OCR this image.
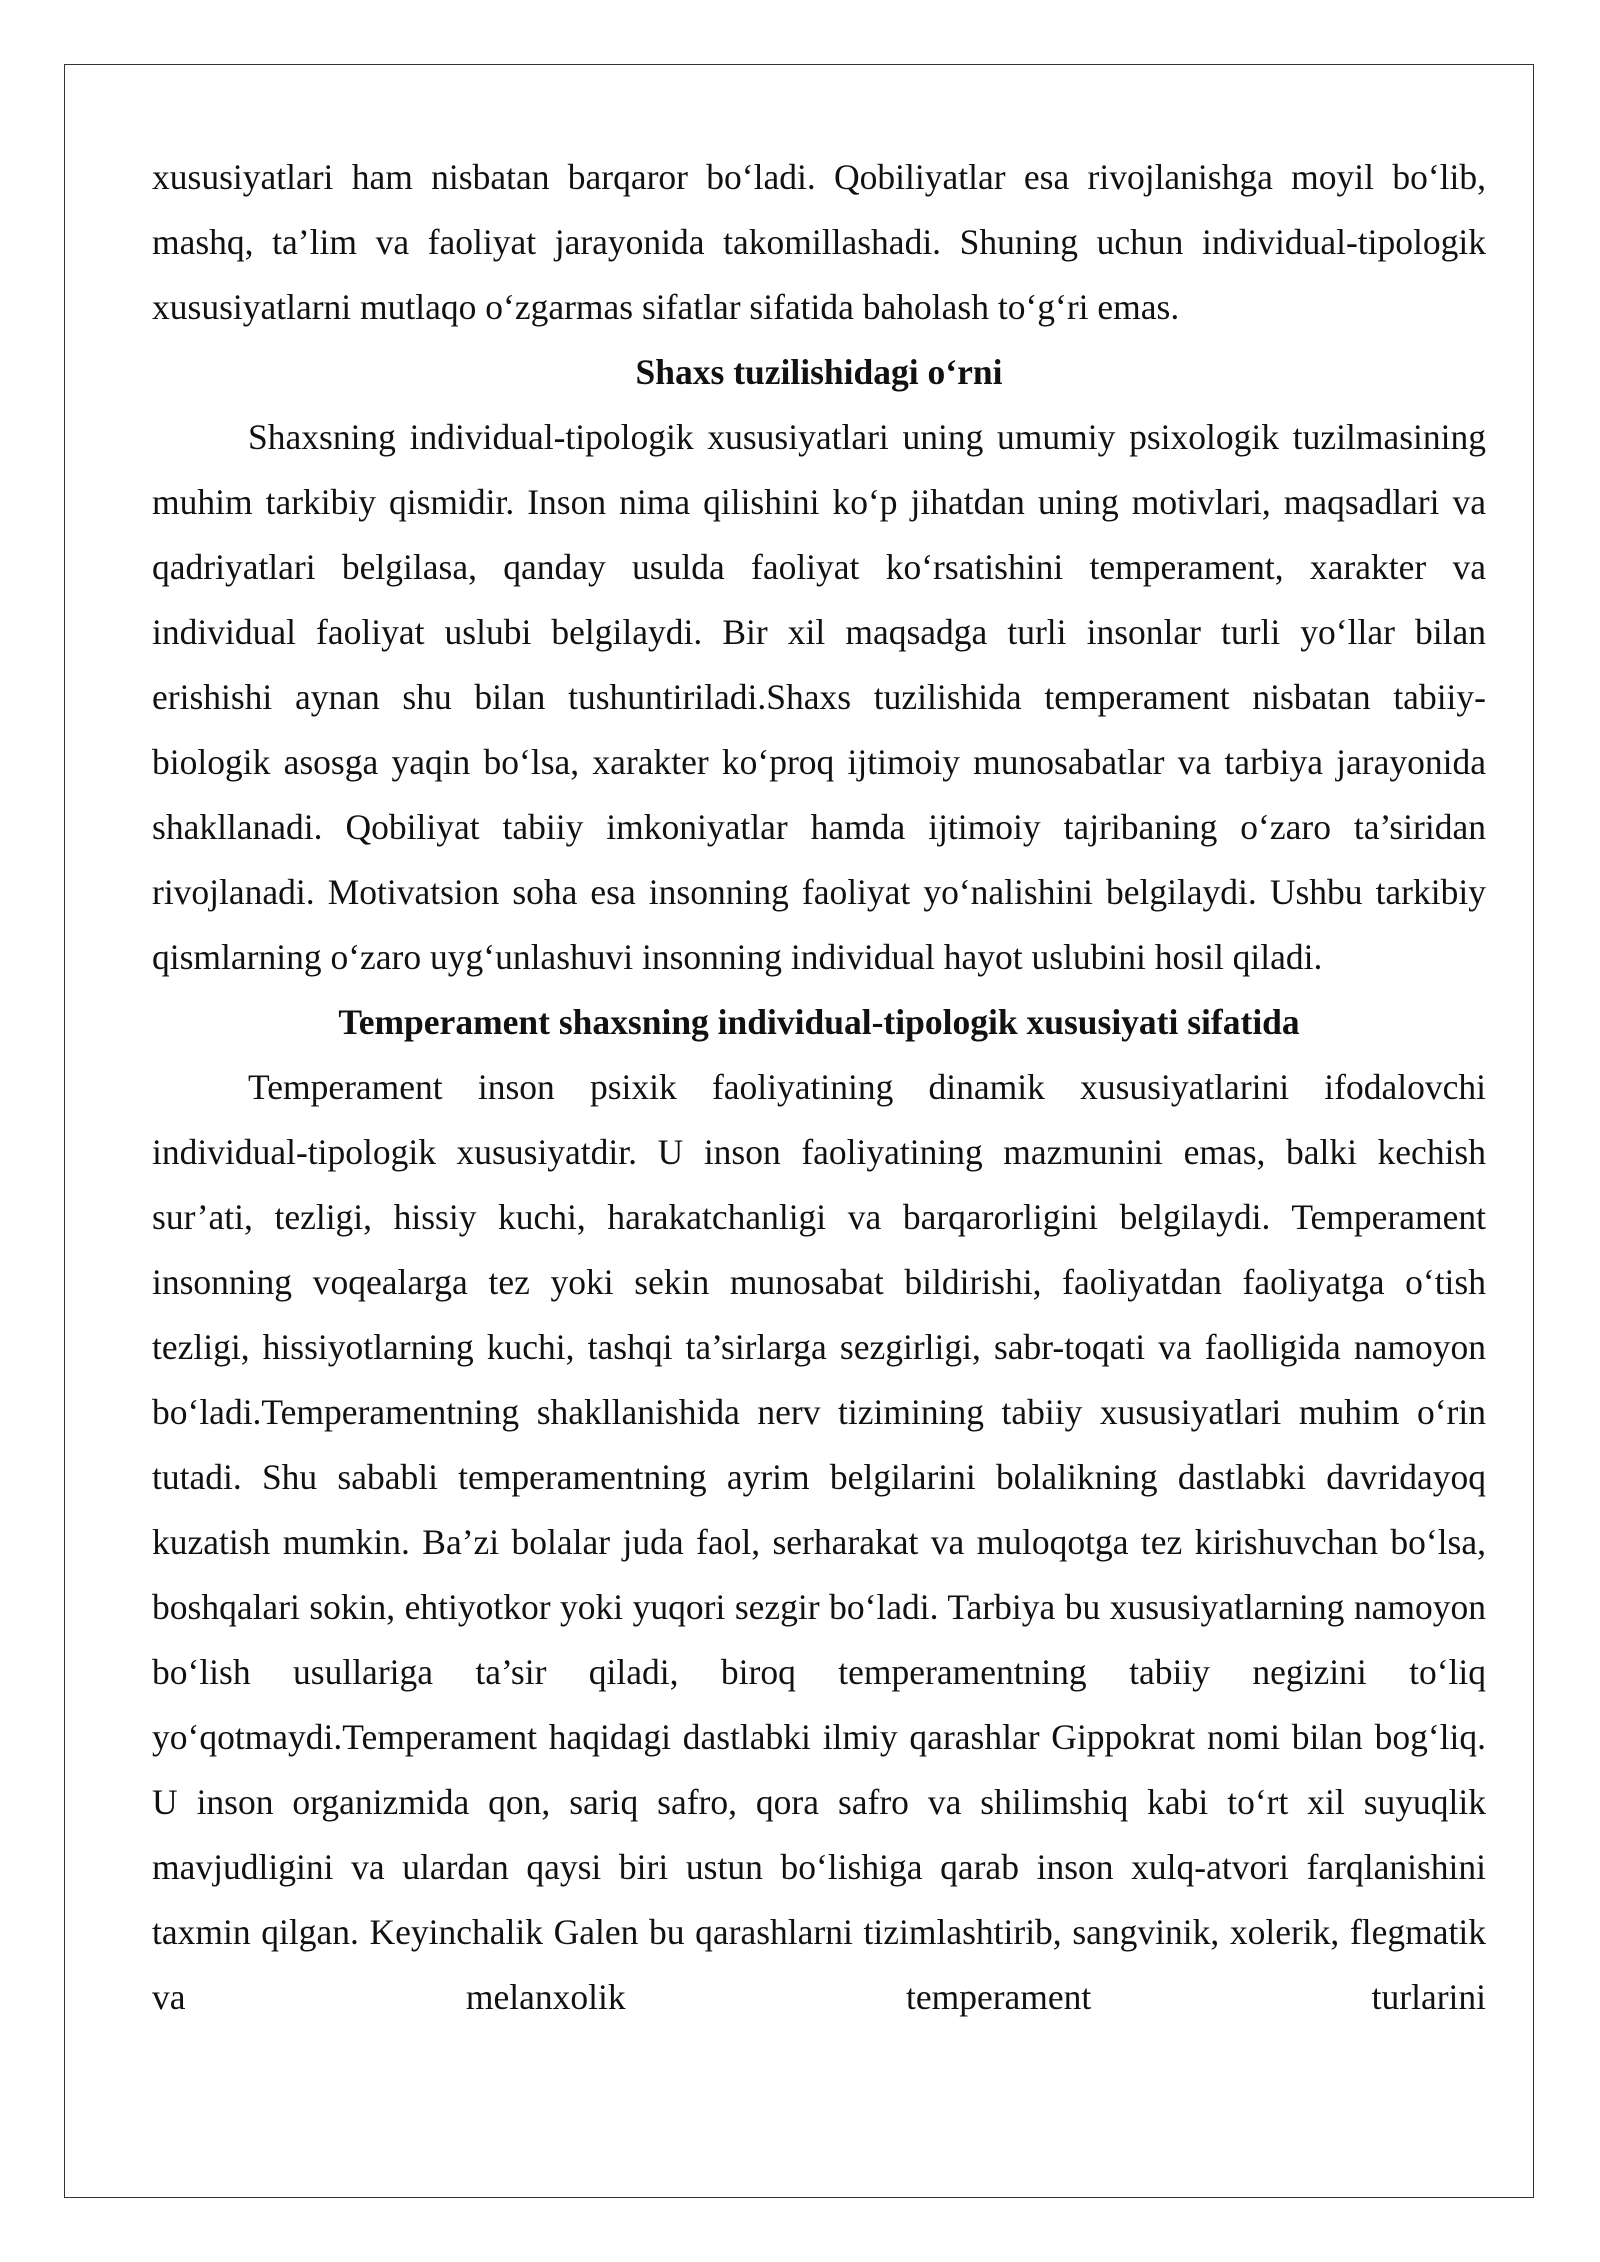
xususiyatlari ham nisbatan barqaror bo‘ladi. Qobiliyatlar esa rivojlanishga moyil bo‘lib, mashq, ta’lim va faoliyat jarayonida takomillashadi. Shuning uchun individual-tipologik xususiyatlarni mutlaqo o‘zgarmas sifatlar sifatida baholash to‘g‘ri emas.

Shaxs tuzilishidagi o‘rni

Shaxsning individual-tipologik xususiyatlari uning umumiy psixologik tuzilmasining muhim tarkibiy qismidir. Inson nima qilishini ko‘p jihatdan uning motivlari, maqsadlari va qadriyatlari belgilasa, qanday usulda faoliyat ko‘rsatishini temperament, xarakter va individual faoliyat uslubi belgilaydi. Bir xil maqsadga turli insonlar turli yo‘llar bilan erishishi aynan shu bilan tushuntiriladi.Shaxs tuzilishida temperament nisbatan tabiiy-biologik asosga yaqin bo‘lsa, xarakter ko‘proq ijtimoiy munosabatlar va tarbiya jarayonida shakllanadi. Qobiliyat tabiiy imkoniyatlar hamda ijtimoiy tajribaning o‘zaro ta’siridan rivojlanadi. Motivatsion soha esa insonning faoliyat yo‘nalishini belgilaydi. Ushbu tarkibiy qismlarning o‘zaro uyg‘unlashuvi insonning individual hayot uslubini hosil qiladi.

Temperament shaxsning individual-tipologik xususiyati sifatida

Temperament inson psixik faoliyatining dinamik xususiyatlarini ifodalovchi individual-tipologik xususiyatdir. U inson faoliyatining mazmunini emas, balki kechish sur’ati, tezligi, hissiy kuchi, harakatchanligi va barqarorligini belgilaydi. Temperament insonning voqealarga tez yoki sekin munosabat bildirishi, faoliyatdan faoliyatga o‘tish tezligi, hissiyotlarning kuchi, tashqi ta’sirlarga sezgirligi, sabr-toqati va faolligida namoyon bo‘ladi.Temperamentning shakllanishida nerv tizimining tabiiy xususiyatlari muhim o‘rin tutadi. Shu sababli temperamentning ayrim belgilarini bolalikning dastlabki davridayoq kuzatish mumkin. Ba’zi bolalar juda faol, serharakat va muloqotga tez kirishuvchan bo‘lsa, boshqalari sokin, ehtiyotkor yoki yuqori sezgir bo‘ladi. Tarbiya bu xususiyatlarning namoyon bo‘lish usullariga ta’sir qiladi, biroq temperamentning tabiiy negizini to‘liq yo‘qotmaydi.Temperament haqidagi dastlabki ilmiy qarashlar Gippokrat nomi bilan bog‘liq. U inson organizmida qon, sariq safro, qora safro va shilimshiq kabi to‘rt xil suyuqlik mavjudligini va ulardan qaysi biri ustun bo‘lishiga qarab inson xulq-atvori farqlanishini taxmin qilgan. Keyinchalik Galen bu qarashlarni tizimlashtirib, sangvinik, xolerik, flegmatik va melanxolik temperament turlarini
